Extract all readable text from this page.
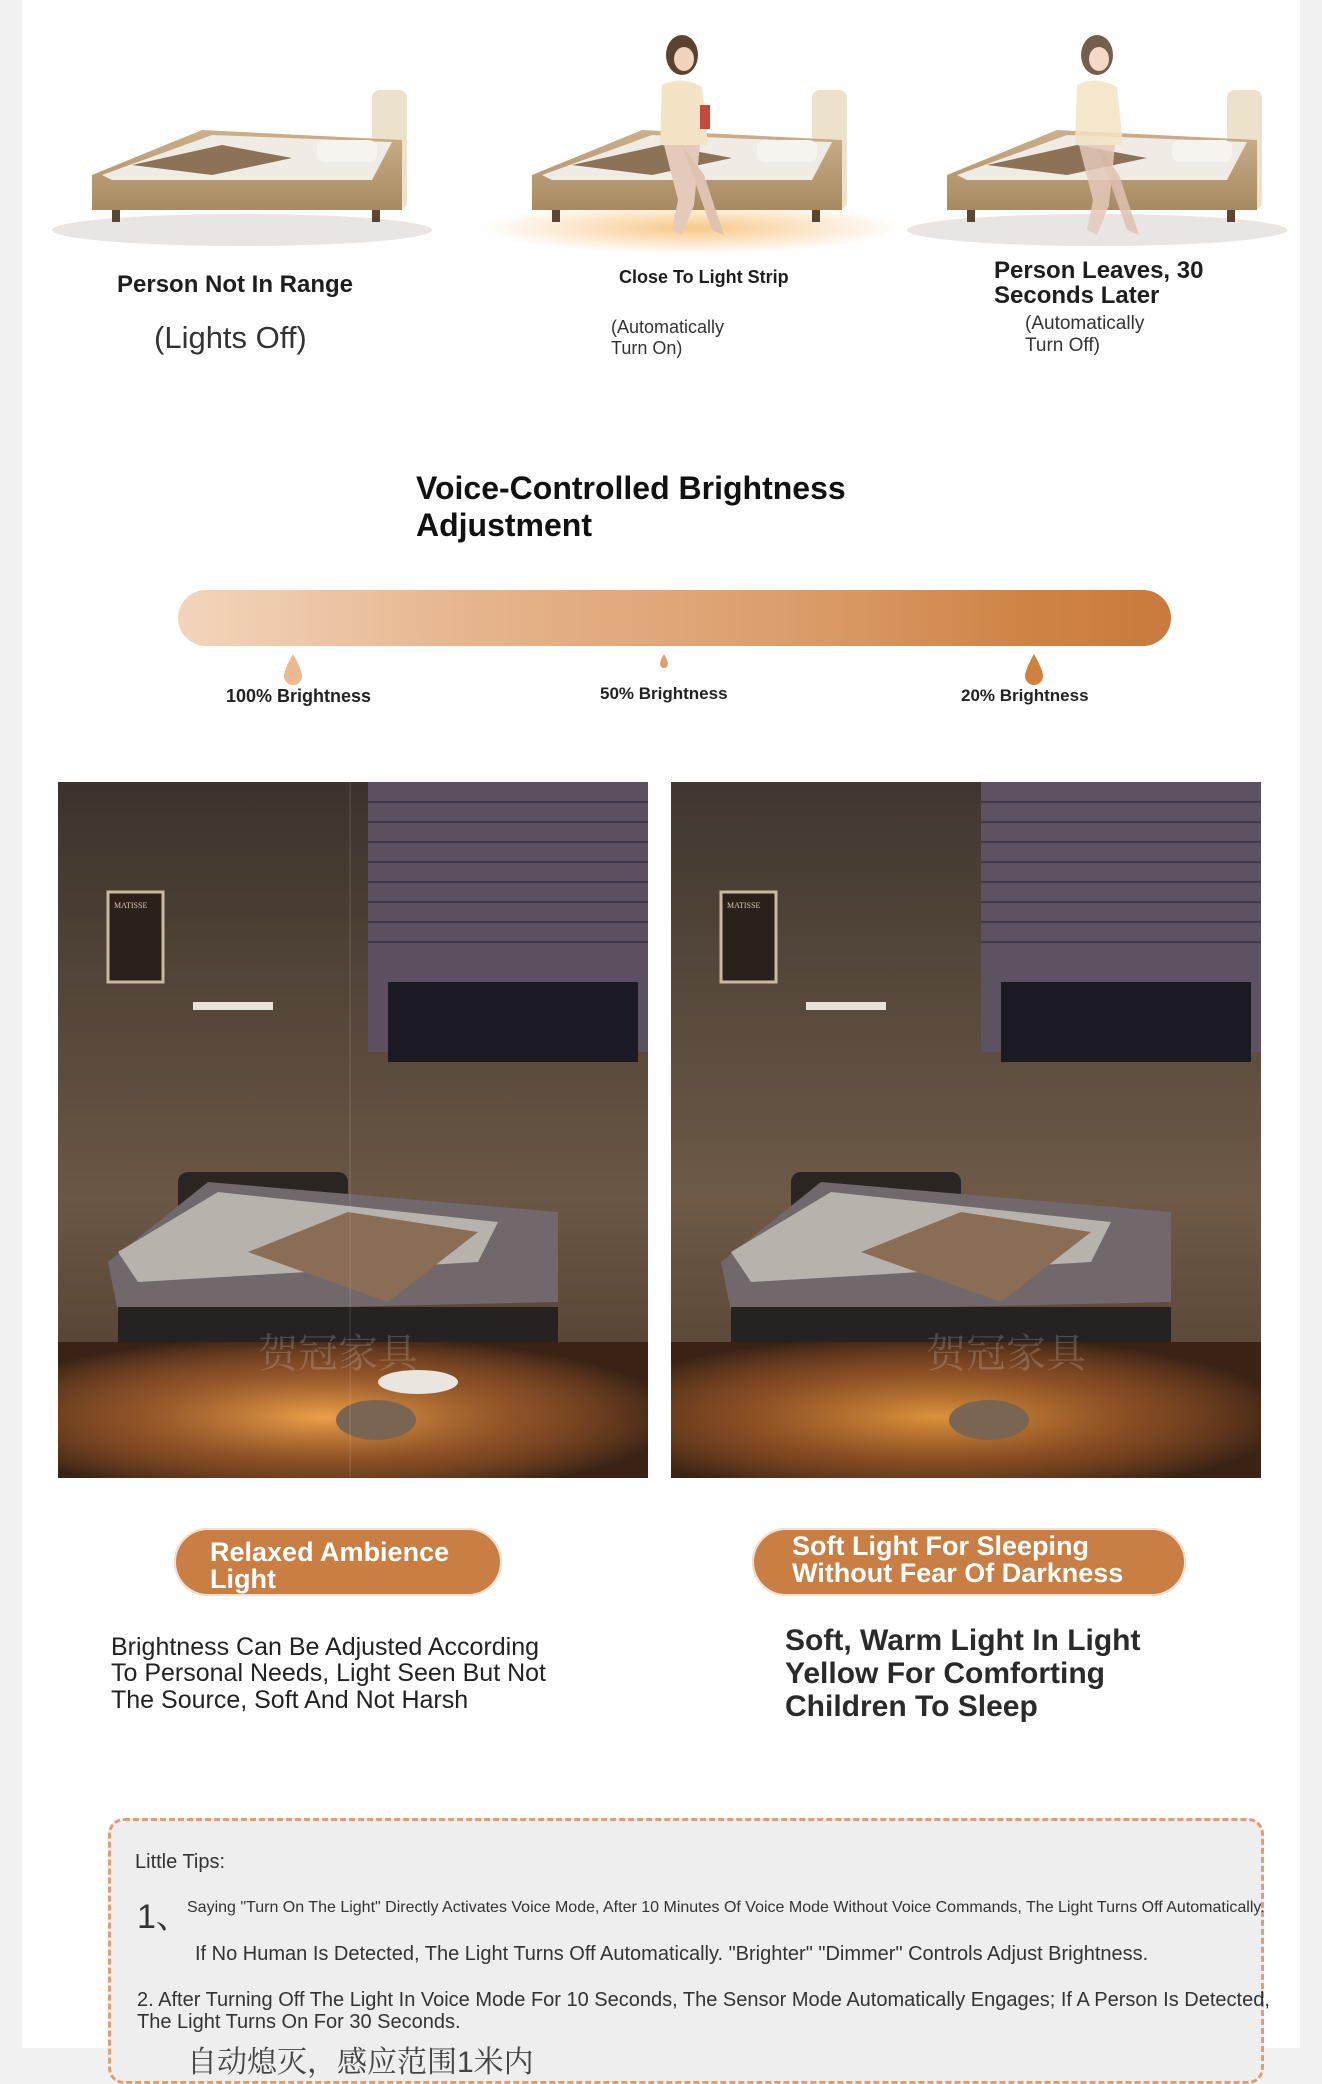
Person Not In Range
(Lights Off)
Close To Light Strip
(Automatically Turn On)
Person Leaves, 30 Seconds Later
(Automatically Turn Off)
Voice-Controlled Brightness Adjustment
100% Brightness	50% Brightness	20% Brightness
MATISSE
贺冠家具
MATISSE
贺冠家具
Relaxed Ambience Light
Brightness Can Be Adjusted According To Personal Needs, Light Seen But Not The Source, Soft And Not Harsh
Soft Light For Sleeping Without Fear Of Darkness
Soft, Warm Light In Light Yellow For Comforting Children To Sleep
Little Tips:
1、
Saying "Turn On The Light" Directly Activates Voice Mode, After 10 Minutes Of Voice Mode Without Voice Commands, The Light Turns Off Automatically.
If No Human Is Detected, The Light Turns Off Automatically. "Brighter" "Dimmer" Controls Adjust Brightness.
2. After Turning Off The Light In Voice Mode For 10 Seconds, The Sensor Mode Automatically Engages; If A Person Is Detected, The Light Turns On For 30 Seconds.
自动熄灭，感应范围1米内
